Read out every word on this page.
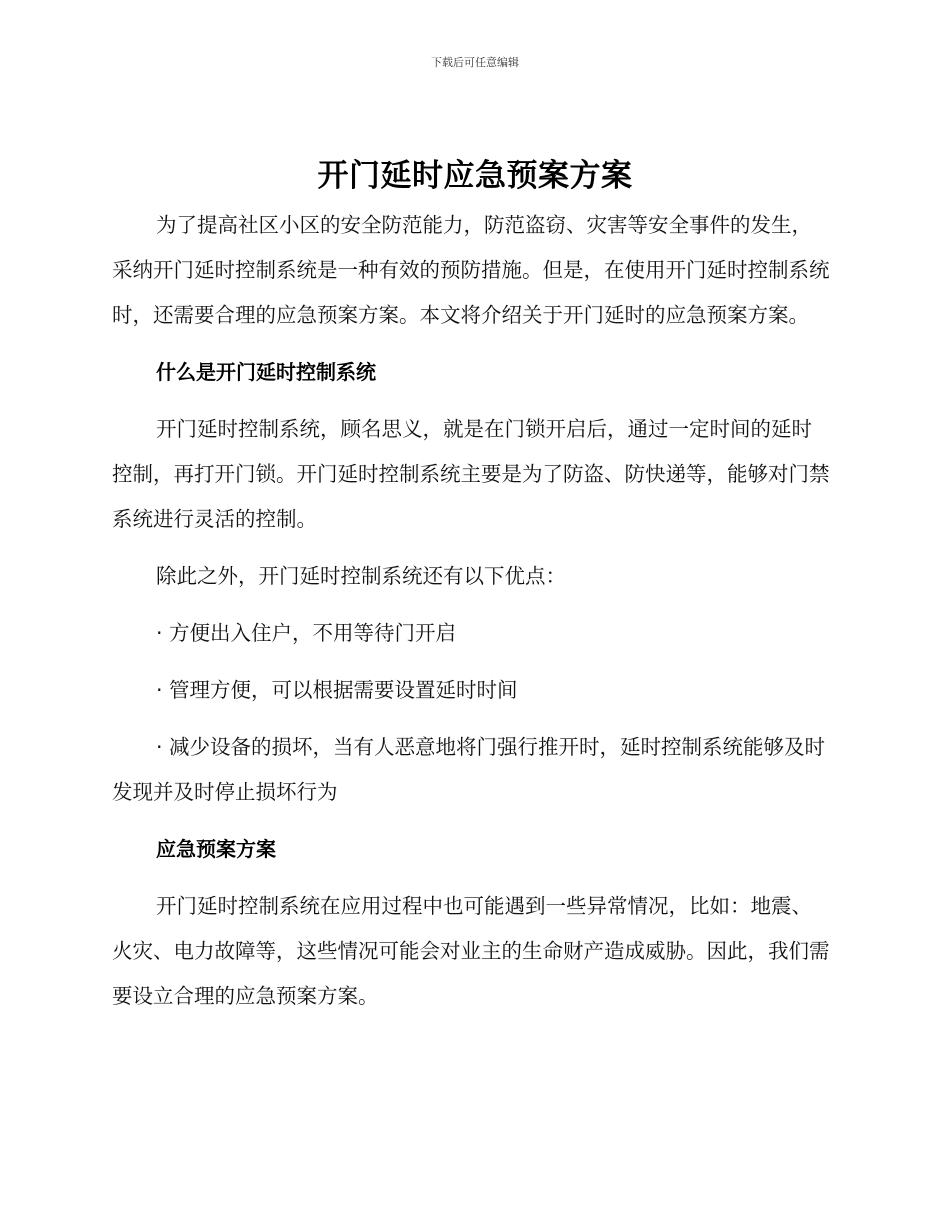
下载后可任意编辑
开门延时应急预案方案

为了提高社区小区的安全防范能力，防范盗窃、灾害等安全事件的发生，采纳开门延时控制系统是一种有效的预防措施。但是，在使用开门延时控制系统时，还需要合理的应急预案方案。本文将介绍关于开门延时的应急预案方案。

什么是开门延时控制系统

开门延时控制系统，顾名思义，就是在门锁开启后，通过一定时间的延时控制，再打开门锁。开门延时控制系统主要是为了防盗、防快递等，能够对门禁系统进行灵活的控制。

除此之外，开门延时控制系统还有以下优点：

· 方便出入住户，不用等待门开启

· 管理方便，可以根据需要设置延时时间

· 减少设备的损坏，当有人恶意地将门强行推开时，延时控制系统能够及时发现并及时停止损坏行为

应急预案方案

开门延时控制系统在应用过程中也可能遇到一些异常情况，比如：地震、火灾、电力故障等，这些情况可能会对业主的生命财产造成威胁。因此，我们需要设立合理的应急预案方案。
